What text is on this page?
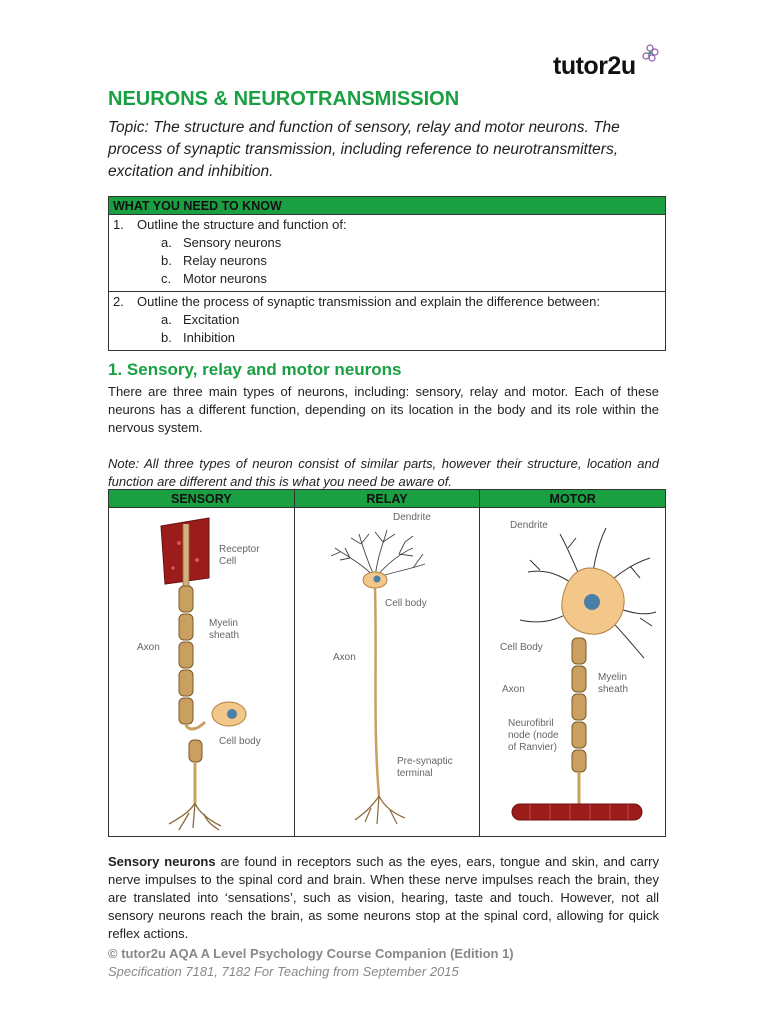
tutor2u
NEURONS & NEUROTRANSMISSION
Topic: The structure and function of sensory, relay and motor neurons. The process of synaptic transmission, including reference to neurotransmitters, excitation and inhibition.
WHAT YOU NEED TO KNOW
1. Outline the structure and function of:
a. Sensory neurons
b. Relay neurons
c. Motor neurons
2. Outline the process of synaptic transmission and explain the difference between:
a. Excitation
b. Inhibition
1. Sensory, relay and motor neurons
There are three main types of neurons, including: sensory, relay and motor. Each of these neurons has a different function, depending on its location in the body and its role within the nervous system.
Note: All three types of neuron consist of similar parts, however their structure, location and function are different and this is what you need be aware of.
SENSORY	RELAY	MOTOR
Receptor
Cell
Myelin
sheath
Axon
Cell body
Dendrite
Cell body
Axon
Pre-synaptic
terminal
Dendrite
Cell Body
Axon
Myelin
sheath
Neurofibril
node (node
of Ranvier)
Sensory neurons are found in receptors such as the eyes, ears, tongue and skin, and carry nerve impulses to the spinal cord and brain. When these nerve impulses reach the brain, they are translated into ‘sensations’, such as vision, hearing, taste and touch. However, not all sensory neurons reach the brain, as some neurons stop at the spinal cord, allowing for quick reflex actions.
© tutor2u AQA A Level Psychology Course Companion (Edition 1)
Specification 7181, 7182 For Teaching from September 2015
